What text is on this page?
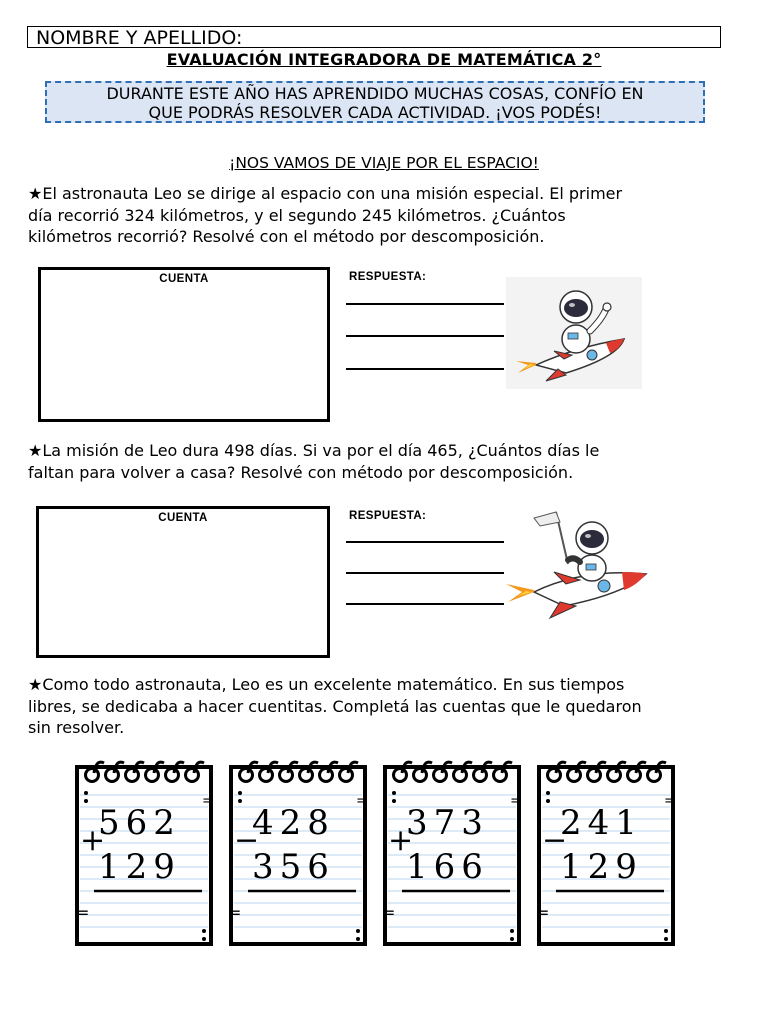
NOMBRE Y APELLIDO:
EVALUACIÓN INTEGRADORA DE MATEMÁTICA 2°
DURANTE ESTE AÑO HAS APRENDIDO MUCHAS COSAS, CONFÍO EN
QUE PODRÁS RESOLVER CADA ACTIVIDAD. ¡VOS PODÉS!
¡NOS VAMOS DE VIAJE POR EL ESPACIO!
★El astronauta Leo se dirige al espacio con una misión especial. El primer
día recorrió 324 kilómetros, y el segundo 245 kilómetros. ¿Cuántos
kilómetros recorrió? Resolvé con el método por descomposición.
CUENTA	RESPUESTA:
★La misión de Leo dura 498 días. Si va por el día 465, ¿Cuántos días le
faltan para volver a casa? Resolvé con método por descomposición.
CUENTA	RESPUESTA:
★Como todo astronauta, Leo es un excelente matemático. En sus tiempos
libres, se dedicaba a hacer cuentitas. Completá las cuentas que le quedaron
sin resolver.
=
=
+
562
129
=
=
−
428
356
=
=
+
373
166
=
=
−
241
129
